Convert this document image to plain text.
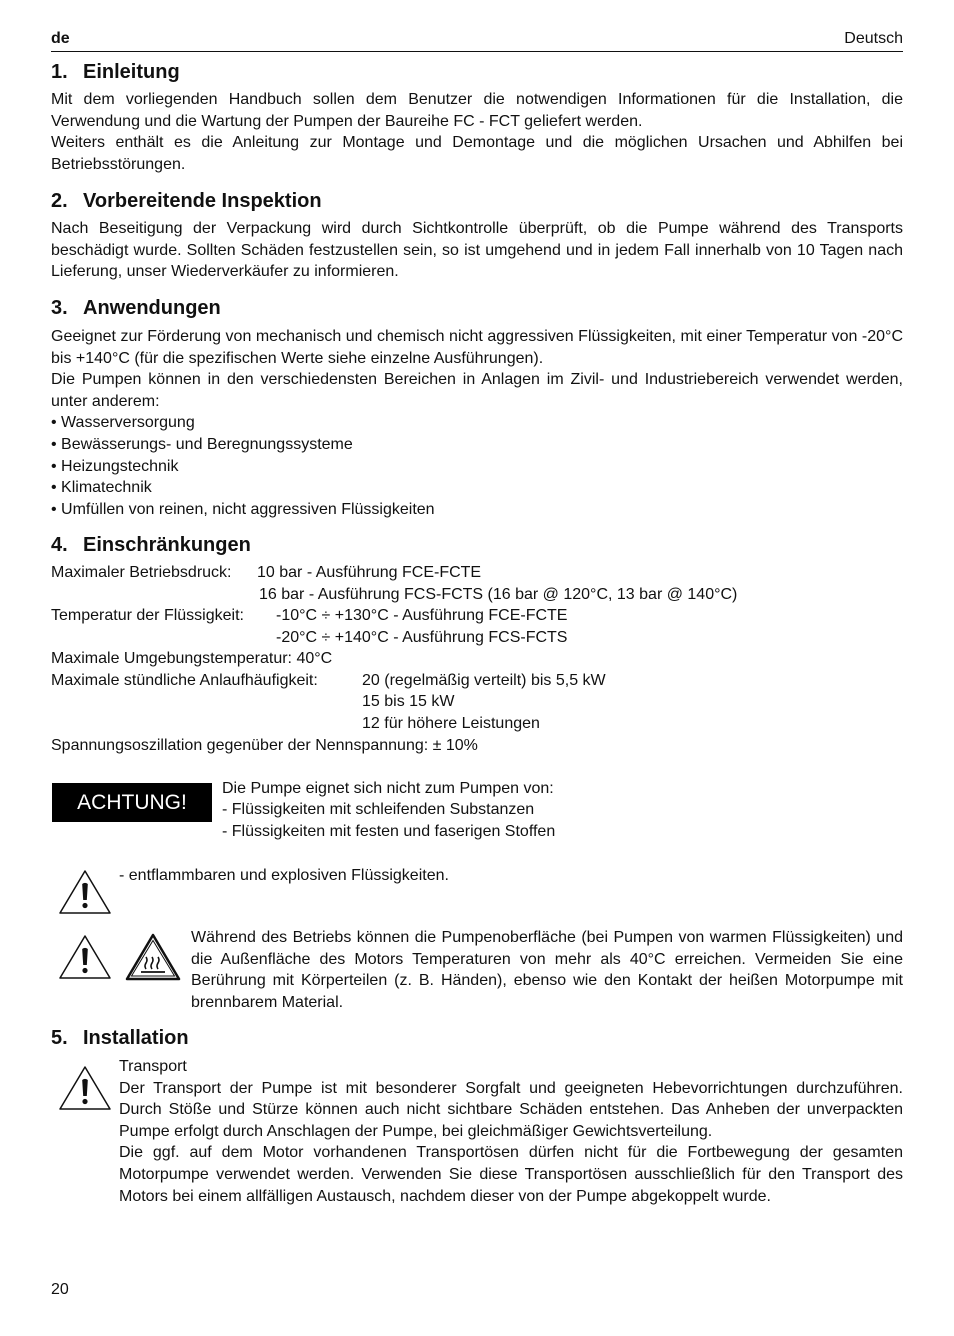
de	Deutsch
1. Einleitung

Mit dem vorliegenden Handbuch sollen dem Benutzer die notwendigen Informationen für die Installation, die Verwendung und die Wartung der Pumpen der Baureihe FC - FCT geliefert werden.

Weiters enthält es die Anleitung zur Montage und Demontage und die möglichen Ursachen und Abhilfen bei Betriebsstörungen.

2. Vorbereitende Inspektion

Nach Beseitigung der Verpackung wird durch Sichtkontrolle überprüft, ob die Pumpe während des Transports beschädigt wurde. Sollten Schäden festzustellen sein, so ist umgehend und in jedem Fall innerhalb von 10 Tagen nach Lieferung, unser Wiederverkäufer zu informieren.

3. Anwendungen

Geeignet zur Förderung von mechanisch und chemisch nicht aggressiven Flüssigkeiten, mit einer Temperatur von -20°C bis +140°C (für die spezifischen Werte siehe einzelne Ausführungen).

Die Pumpen können in den verschiedensten Bereichen in Anlagen im Zivil- und Industriebereich verwendet werden, unter anderem:

• Wasserversorgung
• Bewässerungs- und Beregnungssysteme
• Heizungstechnik
• Klimatechnik
• Umfüllen von reinen, nicht aggressiven Flüssigkeiten
4. Einschränkungen
Maximaler Betriebsdruck: 10 bar - Ausführung FCE-FCTE
16 bar - Ausführung FCS-FCTS (16 bar @ 120°C, 13 bar @ 140°C)
Temperatur der Flüssigkeit: -10°C ÷ +130°C - Ausführung FCE-FCTE
-20°C ÷ +140°C - Ausführung FCS-FCTS
Maximale Umgebungstemperatur: 40°C
Maximale stündliche Anlaufhäufigkeit:	20 (regelmäßig verteilt) bis 5,5 kW
15 bis 15 kW
12 für höhere Leistungen
Spannungsoszillation gegenüber der Nennspannung: ± 10%
ACHTUNG!
Die Pumpe eignet sich nicht zum Pumpen von:
- Flüssigkeiten mit schleifenden Substanzen
- Flüssigkeiten mit festen und faserigen Stoffen
- entflammbaren und explosiven Flüssigkeiten.

Während des Betriebs können die Pumpenoberfläche (bei Pumpen von warmen Flüssigkeiten) und die Außenfläche des Motors Temperaturen von mehr als 40°C erreichen. Vermeiden Sie eine Berührung mit Körperteilen (z. B. Händen), ebenso wie den Kontakt der heißen Motorpumpe mit brennbarem Material.

5. Installation

Transport

Der Transport der Pumpe ist mit besonderer Sorgfalt und geeigneten Hebevorrichtungen durchzuführen. Durch Stöße und Stürze können auch nicht sichtbare Schäden entstehen. Das Anheben der unverpackten Pumpe erfolgt durch Anschlagen der Pumpe, bei gleichmäßiger Gewichtsverteilung.

Die ggf. auf dem Motor vorhandenen Transportösen dürfen nicht für die Fortbewegung der gesamten Motorpumpe verwendet werden. Verwenden Sie diese Transportösen ausschließlich für den Transport des Motors bei einem allfälligen Austausch, nachdem dieser von der Pumpe abgekoppelt wurde.

20
